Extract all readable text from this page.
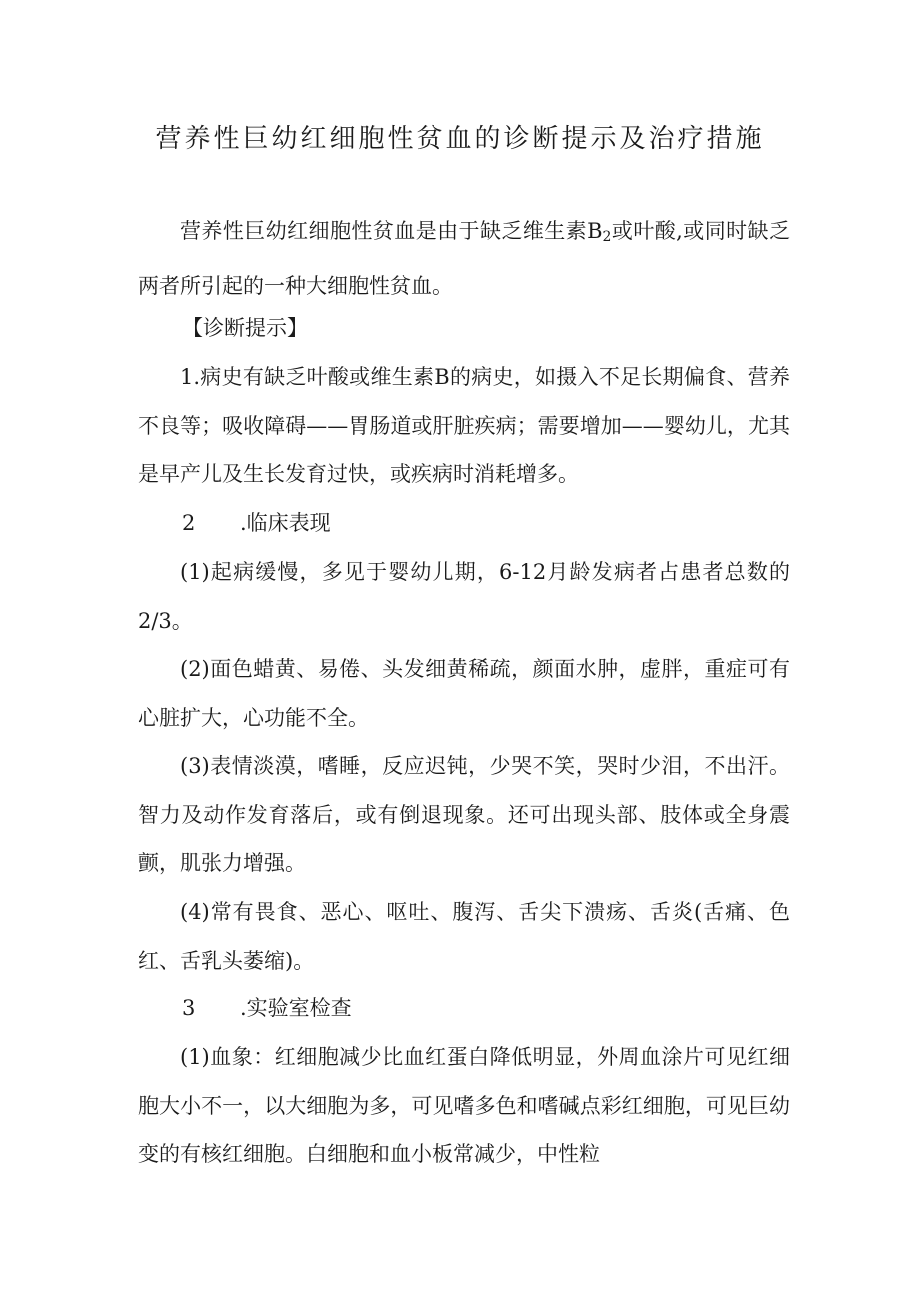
营养性巨幼红细胞性贫血的诊断提示及治疗措施

营养性巨幼红细胞性贫血是由于缺乏维生素$B_2$或叶酸,或同时缺乏两者所引起的一种大细胞性贫血。

【诊断提示】

1.病史有缺乏叶酸或维生素B的病史，如摄入不足长期偏食、营养不良等；吸收障碍——胃肠道或肝脏疾病；需要增加——婴幼儿，尤其是早产儿及生长发育过快，或疾病时消耗增多。

2 .临床表现

(1)起病缓慢，多见于婴幼儿期，6-12月龄发病者占患者总数的2/3。

(2)面色蜡黄、易倦、头发细黄稀疏，颜面水肿，虚胖，重症可有心脏扩大，心功能不全。

(3)表情淡漠，嗜睡，反应迟钝，少哭不笑，哭时少泪，不出汗。智力及动作发育落后，或有倒退现象。还可出现头部、肢体或全身震颤，肌张力增强。

(4)常有畏食、恶心、呕吐、腹泻、舌尖下溃疡、舌炎(舌痛、色红、舌乳头萎缩)。

3 .实验室检查

(1)血象：红细胞减少比血红蛋白降低明显，外周血涂片可见红细胞大小不一，以大细胞为多，可见嗜多色和嗜碱点彩红细胞，可见巨幼变的有核红细胞。白细胞和血小板常减少，中性粒
